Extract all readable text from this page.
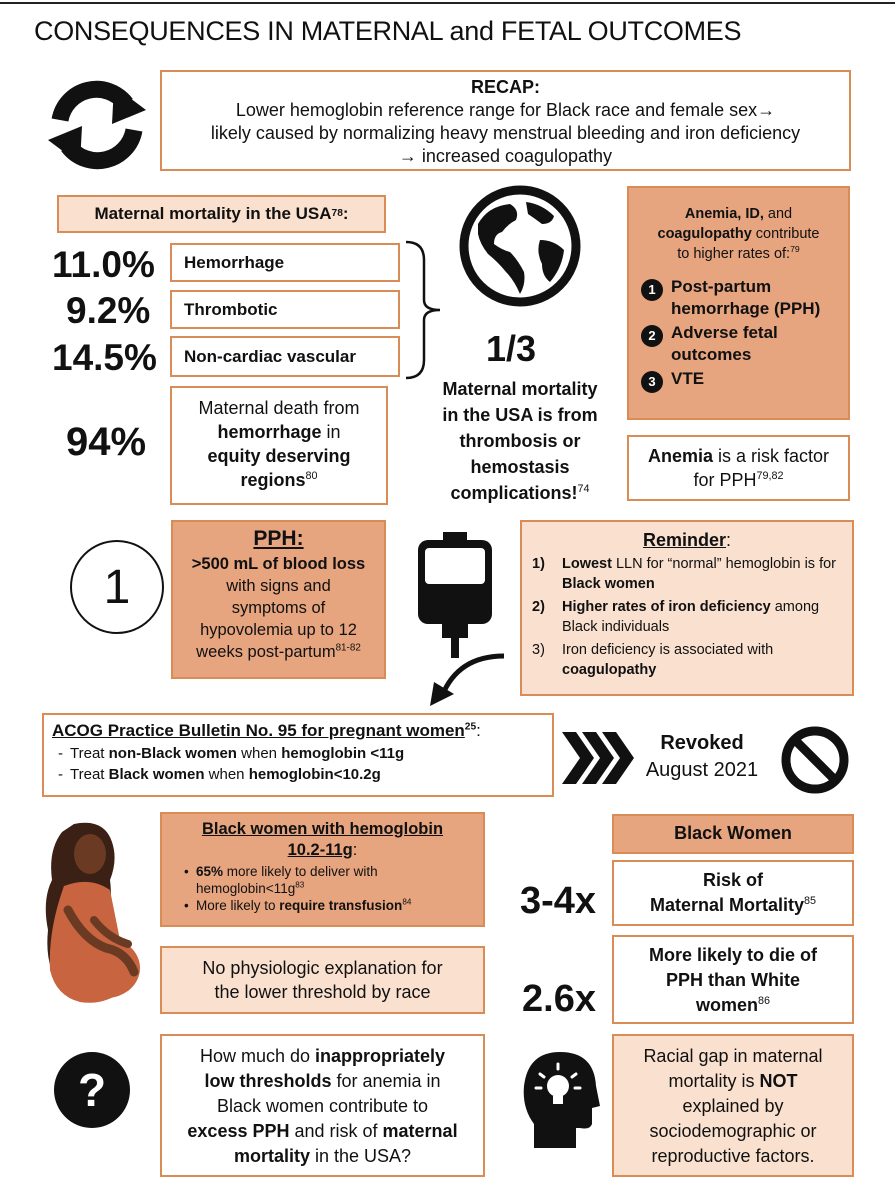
CONSEQUENCES IN MATERNAL and FETAL OUTCOMES
RECAP:
Lower hemoglobin reference range for Black race and female sex→
likely caused by normalizing heavy menstrual bleeding and iron deficiency
→ increased coagulopathy
Maternal mortality in the USA 78 :
11.0%	Hemorrhage
9.2%	Thrombotic
14.5%	Non-cardiac vascular
94%
Maternal death from
hemorrhage in
equity deserving
regions$^{80}$
1/3
Maternal mortality
in the USA is from
thrombosis or
hemostasis
complications!$^{74}$
Anemia, ID, and
coagulopathy contribute
to higher rates of:$^{79}$
1 Post-partum hemorrhage (PPH)
2 Adverse fetal outcomes
3 VTE
Anemia is a risk factor
for PPH$^{79,82}$
1
PPH:
>500 mL of blood loss
with signs and
symptoms of
hypovolemia up to 12
weeks post-partum$^{81-82}$
Reminder:
1)	Lowest LLN for “normal” hemoglobin is for Black women
2)	Higher rates of iron deficiency among Black individuals
3)	Iron deficiency is associated with coagulopathy
ACOG Practice Bulletin No. 95 for pregnant women$^{25}$:
- Treat non-Black women when hemoglobin <11g
- Treat Black women when hemoglobin<10.2g
Revoked
August 2021
Black women with hemoglobin
10.2-11g:
• 65% more likely to deliver with $hemoglobin<11g^{83}$
• More likely to require transfusion$^{84}$
No physiologic explanation for
the lower threshold by race
?
How much do inappropriately
low thresholds for anemia in
Black women contribute to
excess PPH and risk of maternal
mortality in the USA?
Black Women
3-4x	Risk of
Maternal Mortality$^{85}$
2.6x
More likely to die of
PPH than White
women$^{86}$
Racial gap in maternal
mortality is NOT
explained by
sociodemographic or
reproductive factors.
